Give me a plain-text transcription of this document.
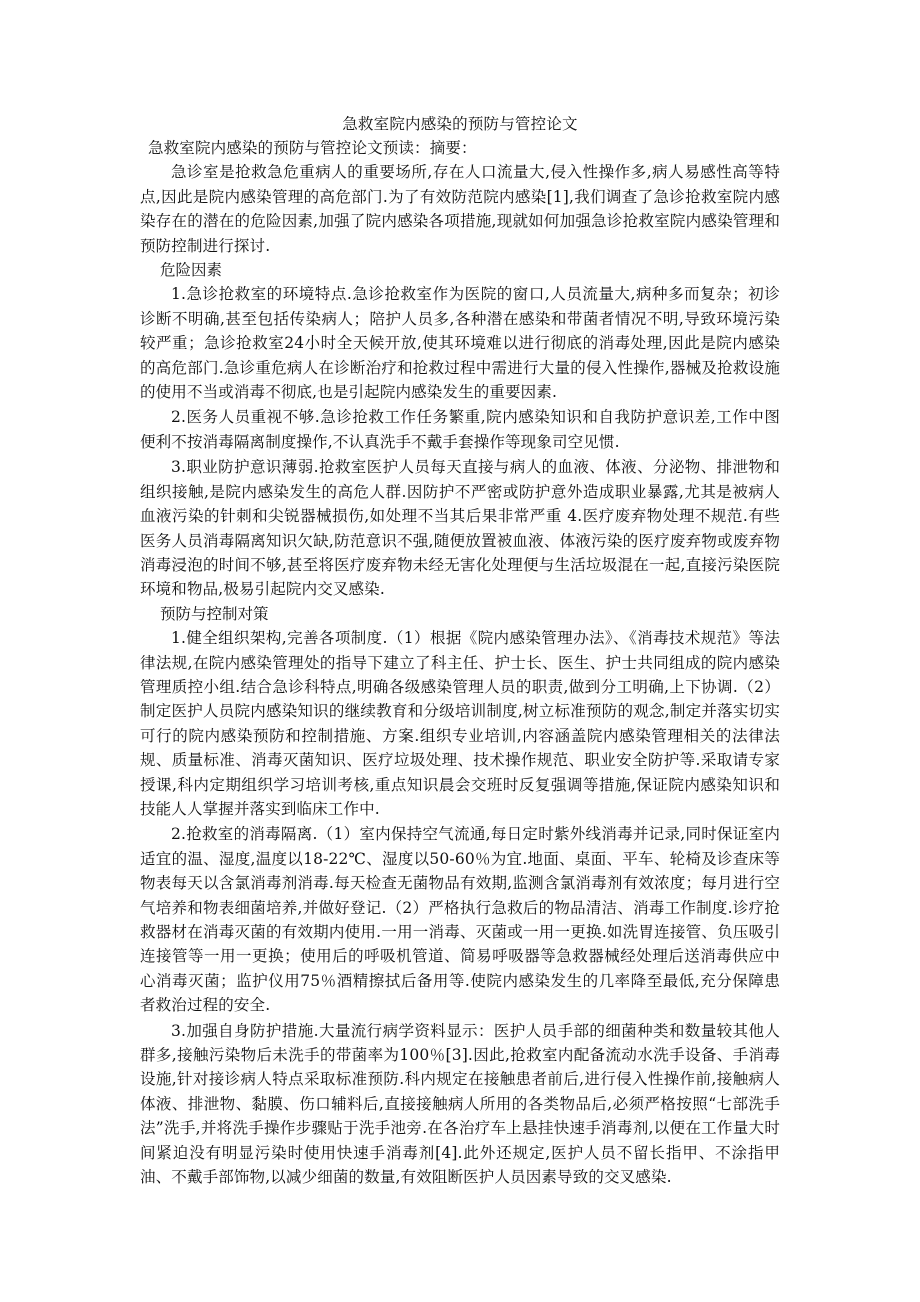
急救室院内感染的预防与管控论文

急救室院内感染的预防与管控论文预读：摘要：

急诊室是抢救急危重病人的重要场所,存在人口流量大,侵入性操作多,病人易感性高等特点,因此是院内感染管理的高危部门.为了有效防范院内感染[1],我们调查了急诊抢救室院内感染存在的潜在的危险因素,加强了院内感染各项措施,现就如何加强急诊抢救室院内感染管理和预防控制进行探讨.

危险因素

1.急诊抢救室的环境特点.急诊抢救室作为医院的窗口,人员流量大,病种多而复杂；初诊诊断不明确,甚至包括传染病人；陪护人员多,各种潜在感染和带菌者情况不明,导致环境污染较严重；急诊抢救室24小时全天候开放,使其环境难以进行彻底的消毒处理,因此是院内感染的高危部门.急诊重危病人在诊断治疗和抢救过程中需进行大量的侵入性操作,器械及抢救设施的使用不当或消毒不彻底,也是引起院内感染发生的重要因素.

2.医务人员重视不够.急诊抢救工作任务繁重,院内感染知识和自我防护意识差,工作中图便利不按消毒隔离制度操作,不认真洗手不戴手套操作等现象司空见惯.

3.职业防护意识薄弱.抢救室医护人员每天直接与病人的血液、体液、分泌物、排泄物和组织接触,是院内感染发生的高危人群.因防护不严密或防护意外造成职业暴露,尤其是被病人血液污染的针刺和尖锐器械损伤,如处理不当其后果非常严重 4.医疗废弃物处理不规范.有些医务人员消毒隔离知识欠缺,防范意识不强,随便放置被血液、体液污染的医疗废弃物或废弃物消毒浸泡的时间不够,甚至将医疗废弃物未经无害化处理便与生活垃圾混在一起,直接污染医院环境和物品,极易引起院内交叉感染.

预防与控制对策

1.健全组织架构,完善各项制度.（1）根据《院内感染管理办法》、《消毒技术规范》等法律法规,在院内感染管理处的指导下建立了科主任、护士长、医生、护士共同组成的院内感染管理质控小组.结合急诊科特点,明确各级感染管理人员的职责,做到分工明确,上下协调.（2）制定医护人员院内感染知识的继续教育和分级培训制度,树立标准预防的观念,制定并落实切实可行的院内感染预防和控制措施、方案.组织专业培训,内容涵盖院内感染管理相关的法律法规、质量标准、消毒灭菌知识、医疗垃圾处理、技术操作规范、职业安全防护等.采取请专家授课,科内定期组织学习培训考核,重点知识晨会交班时反复强调等措施,保证院内感染知识和技能人人掌握并落实到临床工作中.

2.抢救室的消毒隔离.（1）室内保持空气流通,每日定时紫外线消毒并记录,同时保证室内适宜的温、湿度,温度以18-22℃、湿度以50-60％为宜.地面、桌面、平车、轮椅及诊查床等物表每天以含氯消毒剂消毒.每天检查无菌物品有效期,监测含氯消毒剂有效浓度；每月进行空气培养和物表细菌培养,并做好登记.（2）严格执行急救后的物品清洁、消毒工作制度.诊疗抢救器材在消毒灭菌的有效期内使用.一用一消毒、灭菌或一用一更换.如洗胃连接管、负压吸引连接管等一用一更换；使用后的呼吸机管道、简易呼吸器等急救器械经处理后送消毒供应中心消毒灭菌；监护仪用75％酒精擦拭后备用等.使院内感染发生的几率降至最低,充分保障患者救治过程的安全.

3.加强自身防护措施.大量流行病学资料显示：医护人员手部的细菌种类和数量较其他人群多,接触污染物后未洗手的带菌率为100％[3].因此,抢救室内配备流动水洗手设备、手消毒设施,针对接诊病人特点采取标准预防.科内规定在接触患者前后,进行侵入性操作前,接触病人体液、排泄物、黏膜、伤口辅料后,直接接触病人所用的各类物品后,必须严格按照“七部洗手法”洗手,并将洗手操作步骤贴于洗手池旁.在各治疗车上悬挂快速手消毒剂,以便在工作量大时间紧迫没有明显污染时使用快速手消毒剂[4].此外还规定,医护人员不留长指甲、不涂指甲油、不戴手部饰物,以减少细菌的数量,有效阻断医护人员因素导致的交叉感染.
